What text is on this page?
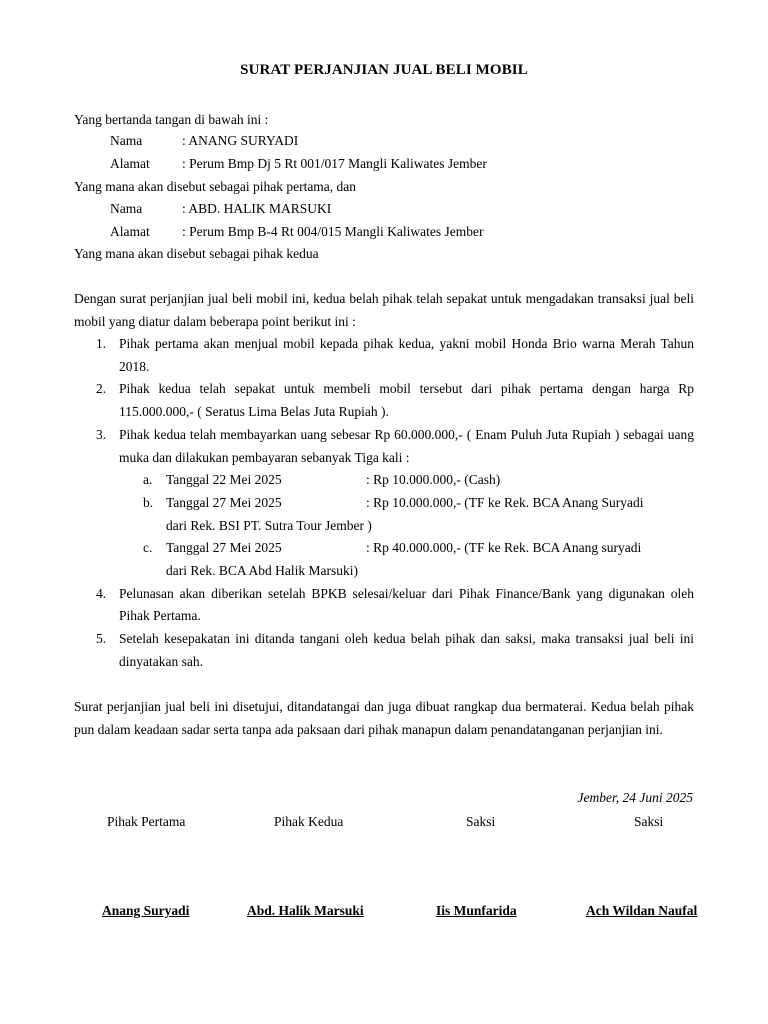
SURAT PERJANJIAN JUAL BELI MOBIL
Yang bertanda tangan di bawah ini :
Nama	: ANANG SURYADI
Alamat : Perum Bmp Dj 5 Rt 001/017 Mangli Kaliwates Jember
Yang mana akan disebut sebagai pihak pertama, dan
Nama	: ABD. HALIK MARSUKI
Alamat : Perum Bmp B-4 Rt 004/015 Mangli Kaliwates Jember
Yang mana akan disebut sebagai pihak kedua
Dengan surat perjanjian jual beli mobil ini, kedua belah pihak telah sepakat untuk mengadakan transaksi jual beli mobil yang diatur dalam beberapa point berikut ini :
1. Pihak pertama akan menjual mobil kepada pihak kedua, yakni mobil Honda Brio warna Merah Tahun 2018.
2. Pihak kedua telah sepakat untuk membeli mobil tersebut dari pihak pertama dengan harga Rp 115.000.000,- ( Seratus Lima Belas Juta Rupiah ).
3. Pihak kedua telah membayarkan uang sebesar Rp 60.000.000,- ( Enam Puluh Juta Rupiah ) sebagai uang muka dan dilakukan pembayaran sebanyak Tiga kali :
a. Tanggal 22 Mei 2025	: Rp 10.000.000,- (Cash)
b. Tanggal 27 Mei 2025	: Rp 10.000.000,- (TF ke Rek. BCA Anang Suryadi
dari Rek. BSI PT. Sutra Tour Jember )
c. Tanggal 27 Mei 2025	: Rp 40.000.000,- (TF ke Rek. BCA Anang suryadi
dari Rek. BCA Abd Halik Marsuki)
4. Pelunasan akan diberikan setelah BPKB selesai/keluar dari Pihak Finance/Bank yang digunakan oleh Pihak Pertama.
5. Setelah kesepakatan ini ditanda tangani oleh kedua belah pihak dan saksi, maka transaksi jual beli ini dinyatakan sah.
Surat perjanjian jual beli ini disetujui, ditandatangai dan juga dibuat rangkap dua bermaterai. Kedua belah pihak pun dalam keadaan sadar serta tanpa ada paksaan dari pihak manapun dalam penandatanganan perjanjian ini.
Jember, 24 Juni 2025
Pihak Pertama	Pihak Kedua	Saksi	Saksi
Anang Suryadi	Abd. Halik Marsuki	Iis Munfarida	Ach Wildan Naufal
